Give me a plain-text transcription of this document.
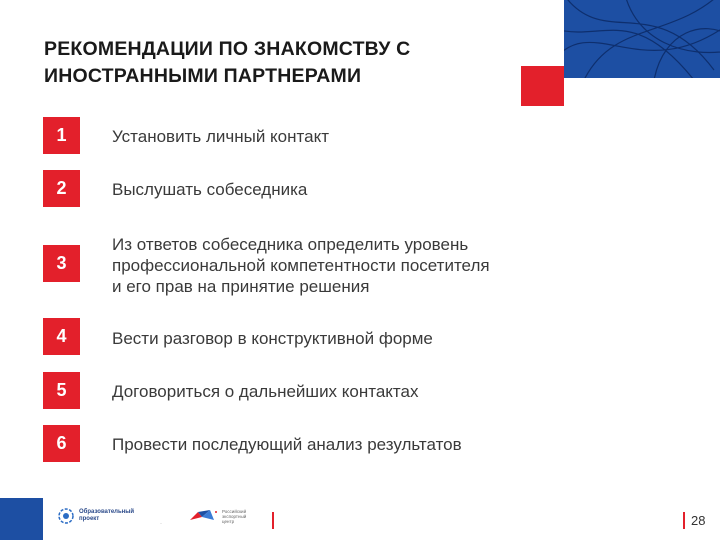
РЕКОМЕНДАЦИИ ПО ЗНАКОМСТВУ С
ИНОСТРАННЫМИ ПАРТНЕРАМИ
1	Установить личный контакт
2	Выслушать собеседника
3
Из ответов собеседника определить уровень
профессиональной компетентности посетителя
и его прав на принятие решения
4	Вести разговор в конструктивной форме
5	Договориться о дальнейших контактах
6	Провести последующий анализ результатов
Образовательный
проект
·
Российский
экспортный
центр	28
